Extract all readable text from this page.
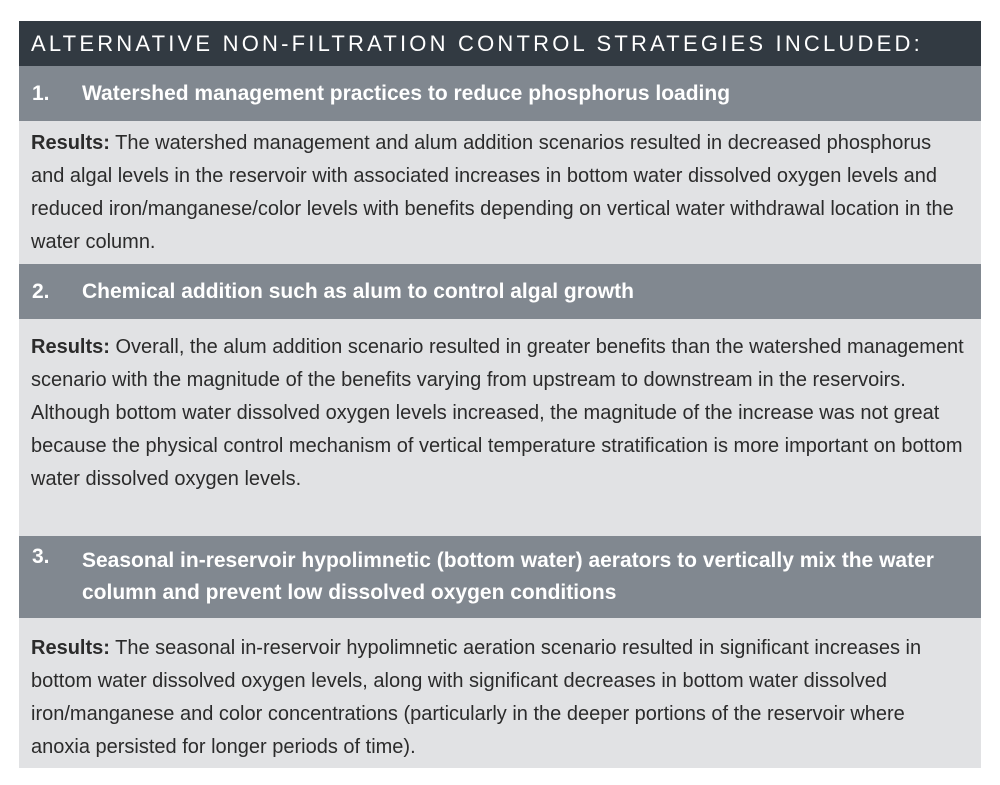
ALTERNATIVE NON-FILTRATION CONTROL STRATEGIES INCLUDED:
1.	Watershed management practices to reduce phosphorus loading
Results: The watershed management and alum addition scenarios resulted in decreased phosphorus and algal levels in the reservoir with associated increases in bottom water dissolved oxygen levels and reduced iron/manganese/color levels with benefits depending on vertical water withdrawal location in the water column.
2.	Chemical addition such as alum to control algal growth
Results: Overall, the alum addition scenario resulted in greater benefits than the watershed management scenario with the magnitude of the benefits varying from upstream to downstream in the reservoirs. Although bottom water dissolved oxygen levels increased, the magnitude of the increase was not great because the physical control mechanism of vertical temperature stratification is more important on bottom water dissolved oxygen levels.
3.	Seasonal in-reservoir hypolimnetic (bottom water) aerators to vertically mix the water column and prevent low dissolved oxygen conditions
Results: The seasonal in-reservoir hypolimnetic aeration scenario resulted in significant increases in bottom water dissolved oxygen levels, along with significant decreases in bottom water dissolved iron/manganese and color concentrations (particularly in the deeper portions of the reservoir where anoxia persisted for longer periods of time).
